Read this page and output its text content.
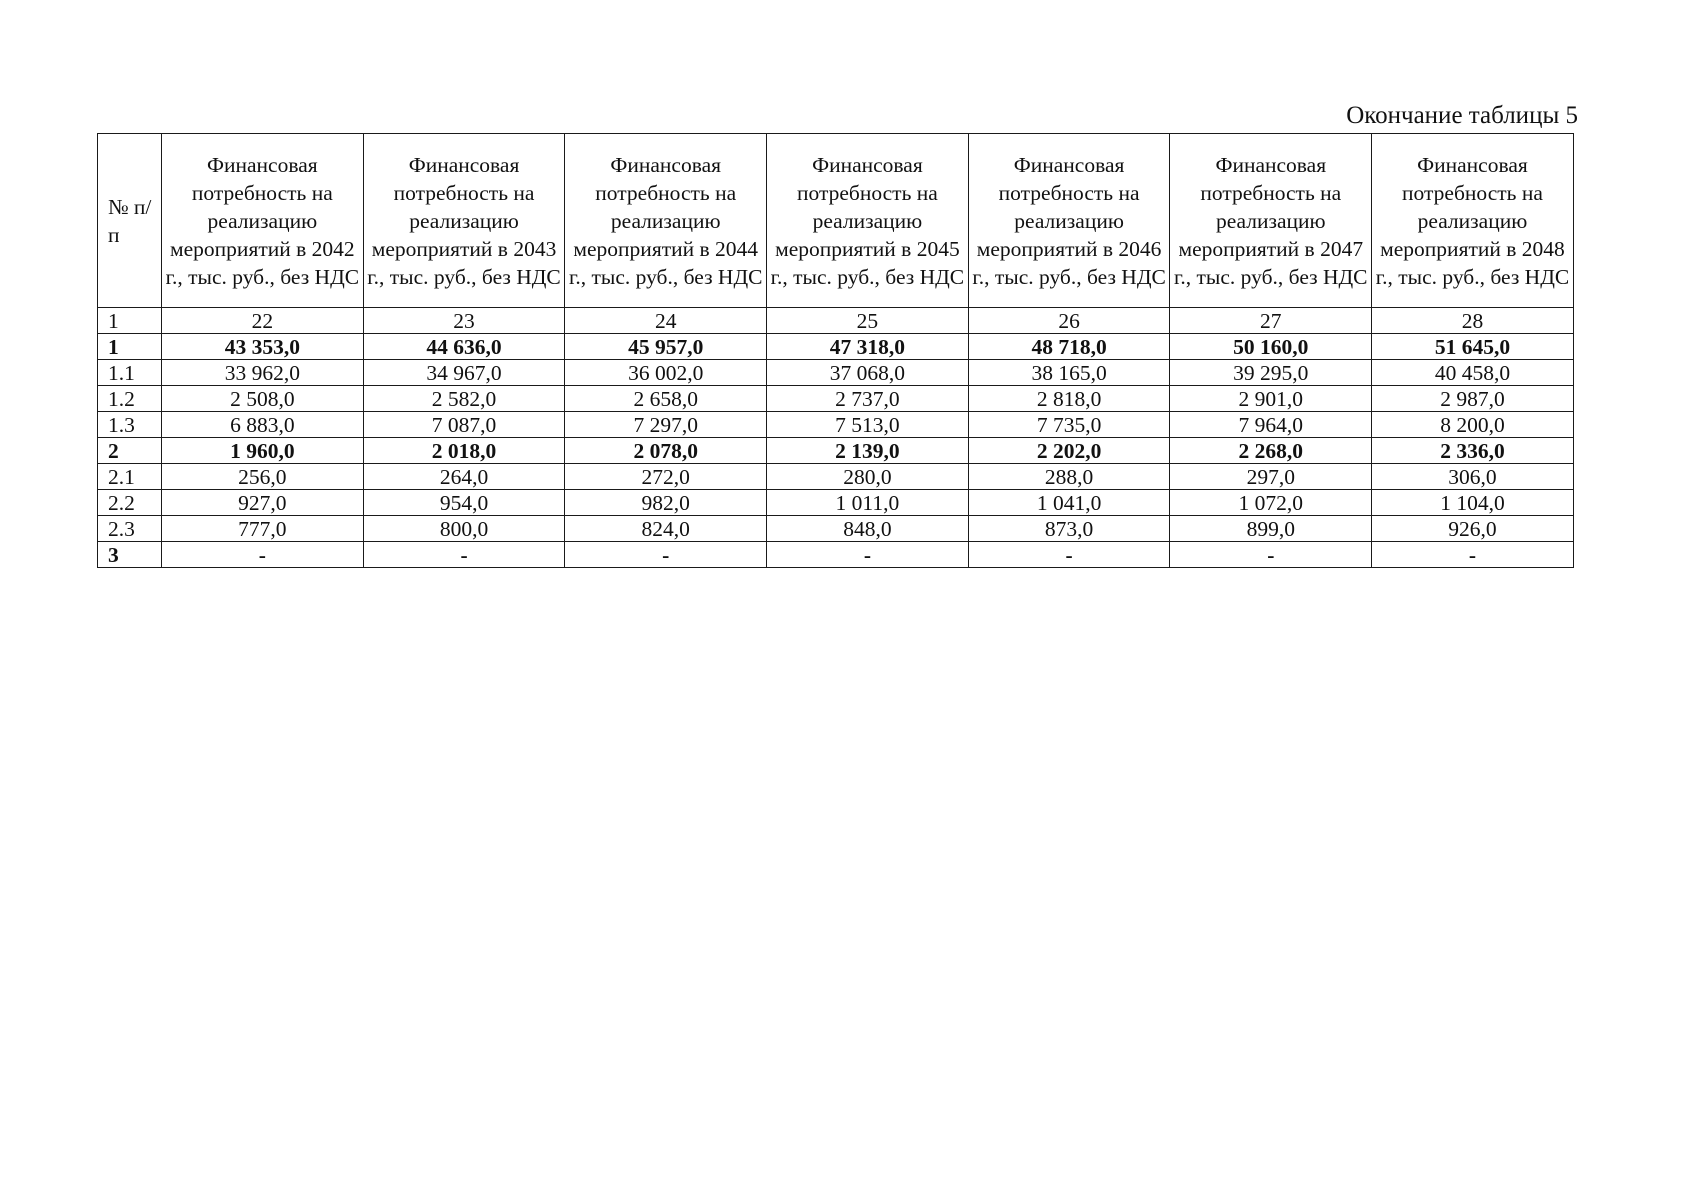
Окончание таблицы 5
№ п/п	Финансовая потребность на реализацию мероприятий в 2042 г., тыс. руб., без НДС	Финансовая потребность на реализацию мероприятий в 2043 г., тыс. руб., без НДС	Финансовая потребность на реализацию мероприятий в 2044 г., тыс. руб., без НДС	Финансовая потребность на реализацию мероприятий в 2045 г., тыс. руб., без НДС	Финансовая потребность на реализацию мероприятий в 2046 г., тыс. руб., без НДС	Финансовая потребность на реализацию мероприятий в 2047 г., тыс. руб., без НДС	Финансовая потребность на реализацию мероприятий в 2048 г., тыс. руб., без НДС
1	22	23	24	25	26	27	28
1	43 353,0	44 636,0	45 957,0	47 318,0	48 718,0	50 160,0	51 645,0
1.1	33 962,0	34 967,0	36 002,0	37 068,0	38 165,0	39 295,0	40 458,0
1.2	2 508,0	2 582,0	2 658,0	2 737,0	2 818,0	2 901,0	2 987,0
1.3	6 883,0	7 087,0	7 297,0	7 513,0	7 735,0	7 964,0	8 200,0
2	1 960,0	2 018,0	2 078,0	2 139,0	2 202,0	2 268,0	2 336,0
2.1	256,0	264,0	272,0	280,0	288,0	297,0	306,0
2.2	927,0	954,0	982,0	1 011,0	1 041,0	1 072,0	1 104,0
2.3	777,0	800,0	824,0	848,0	873,0	899,0	926,0
3	-	-	-	-	-	-	-
